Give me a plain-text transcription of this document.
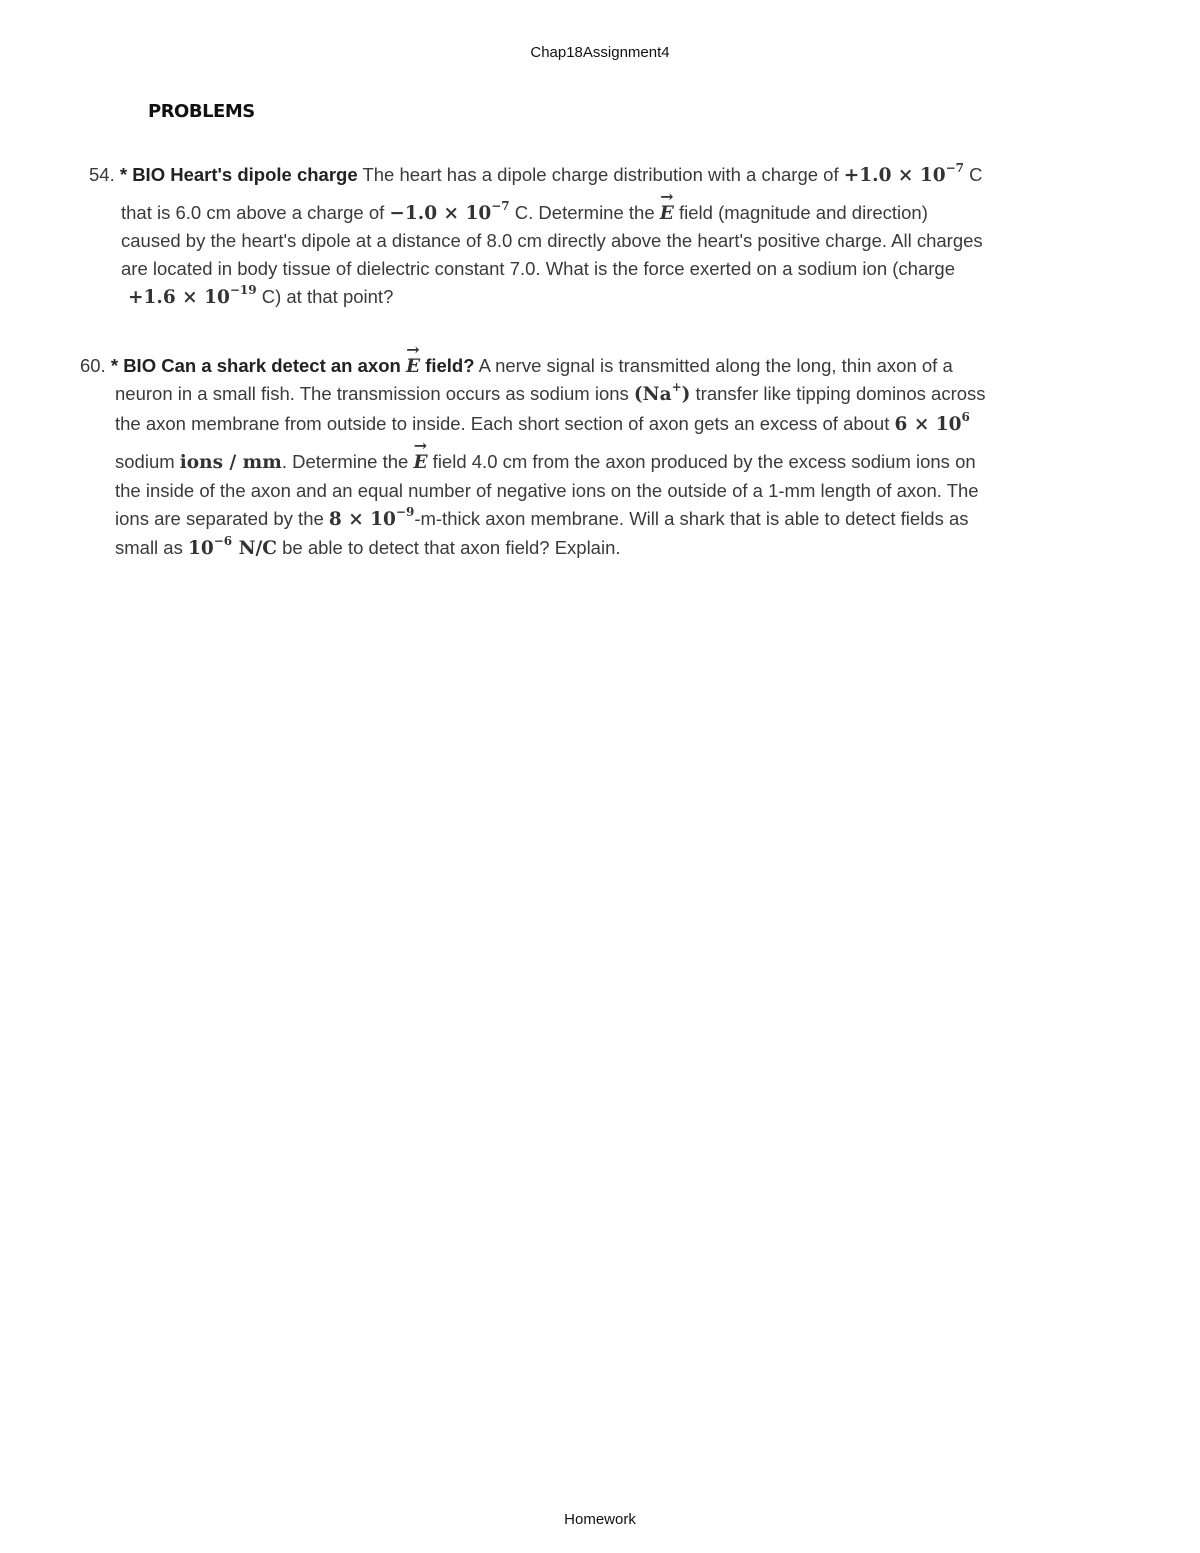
Chap18Assignment4
PROBLEMS
54. * BIO Heart's dipole charge The heart has a dipole charge distribution with a charge of $+1.0 \times 10^{-7}$ C
that is 6.0 cm above a charge of $-1.0 \times 10^{-7}$ C. Determine the → E field (magnitude and direction)
caused by the heart's dipole at a distance of 8.0 cm directly above the heart's positive charge. All charges
are located in body tissue of dielectric constant 7.0. What is the force exerted on a sodium ion (charge
$+1.6 \times 10^{-19}$ C) at that point?
60. * BIO Can a shark detect an axon → E field? A nerve signal is transmitted along the long, thin axon of a
neuron in a small fish. The transmission occurs as sodium ions (Na+) transfer like tipping dominos across
the axon membrane from outside to inside. Each short section of axon gets an excess of about $6 \times 10^6$
sodium ions / mm. Determine the → E field 4.0 cm from the axon produced by the excess sodium ions on
the inside of the axon and an equal number of negative ions on the outside of a 1-mm length of axon. The
ions are separated by the $8 \times 10^{-9}-m$-thick axon membrane. Will a shark that is able to detect fields as
small as $10^{-6}$ N/C be able to detect that axon field? Explain.
Homework
